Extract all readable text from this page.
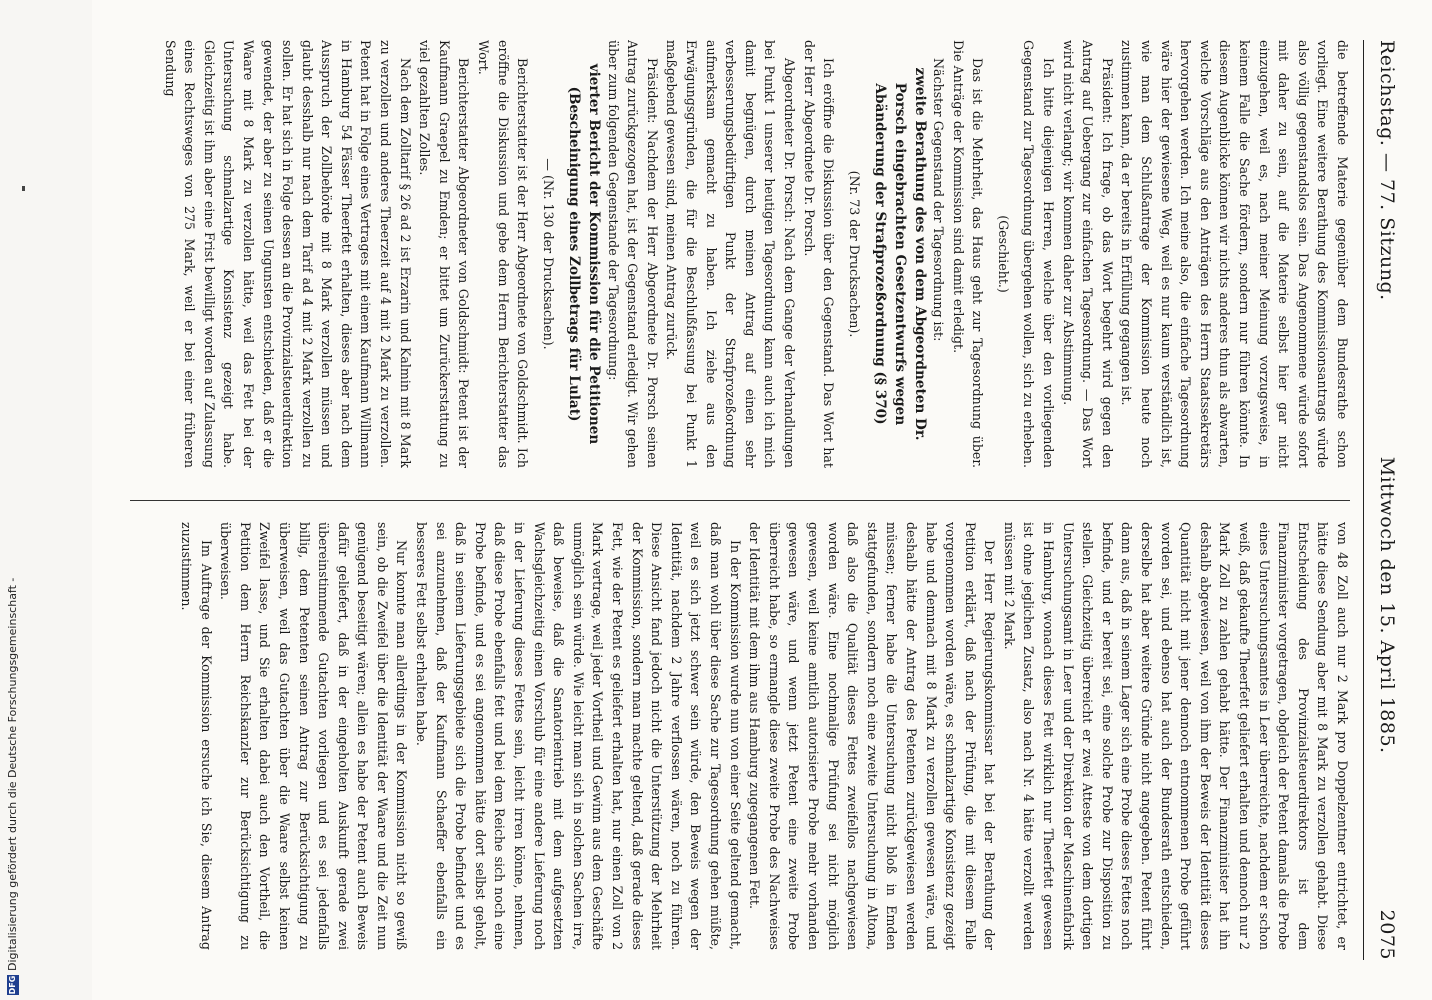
DFG
Digitalisierung gefördert durch die Deutsche Forschungsgemeinschaft -
Reichstag. — 77. Sitzung.
Mittwoch den 15. April 1885.
2075

die betreffende Materie gegenüber dem Bundesrathe schon vorliegt. Eine weitere Berathung des Kommissionsantrags würde also völlig gegenstandslos sein. Das Angenommene würde sofort mit daher zu sein, auf die Materie selbst hier gar nicht einzugehen, weil es, nach meiner Meinung vorzugsweise, in keinem Falle die Sache fördern, sondern nur führen könnte. In diesem Augenblicke können wir nichts anderes thun als abwarten, welche Vorschläge aus den Anträgen des Herrn Staatssekretärs hervorgehen werden. Ich meine also, die einfache Tagesordnung wäre hier der gewiesene Weg, weil es nur kaum verständlich ist, wie man dem Schlußantrage der Kommission heute noch zustimmen kann, da er bereits in Erfüllung gegangen ist.

Präsident: Ich frage, ob das Wort begehrt wird gegen den Antrag auf Uebergang zur einfachen Tagesordnung. — Das Wort wird nicht verlangt; wir kommen daher zur Abstimmung.

Ich bitte diejenigen Herren, welche über den vorliegenden Gegenstand zur Tagesordnung übergehen wollen, sich zu erheben.

(Geschieht.)

Das ist die Mehrheit, das Haus geht zur Tagesordnung über. Die Anträge der Kommission sind damit erledigt.

Nächster Gegenstand der Tagesordnung ist:

zweite Berathung des von dem Abgeordneten Dr. Porsch eingebrachten Gesetzentwurfs wegen Abänderung der Strafprozeßordnung (§ 370)

(Nr. 73 der Drucksachen).

Ich eröffne die Diskussion über den Gegenstand. Das Wort hat der Herr Abgeordnete Dr. Porsch.

Abgeordneter Dr. Porsch: Nach dem Gange der Verhandlungen bei Punkt 1 unserer heutigen Tagesordnung kann auch ich mich damit begnügen, durch meinen Antrag auf einen sehr verbesserungsbedürftigen Punkt der Strafprozeßordnung aufmerksam gemacht zu haben. Ich ziehe aus den Erwägungsgründen, die für die Beschlußfassung bei Punkt 1 maßgebend gewesen sind, meinen Antrag zurück.

Präsident: Nachdem der Herr Abgeordnete Dr. Porsch seinen Antrag zurückgezogen hat, ist der Gegenstand erledigt. Wir gehen über zum folgenden Gegenstande der Tagesordnung:

vierter Bericht der Kommission für die Petitionen (Bescheinigung eines Zollbetrags für Lulat)

— (Nr. 130 der Drucksachen).

Berichterstatter ist der Herr Abgeordnete von Goldschmidt. Ich eröffne die Diskussion und gebe dem Herrn Berichterstatter das Wort.

Berichterstatter Abgeordneter von Goldschmidt: Petent ist der Kaufmann Graepel zu Emden; er bittet um Zurückerstattung zu viel gezahlten Zolles.

Nach dem Zolltarif § 26 ad 2 ist Erzarin und Kalmin mit 8 Mark zu verzollen und anderes Theerzeit auf 4 mit 2 Mark zu verzollen. Petent hat in Folge eines Vertrages mit einem Kaufmann Willmann in Hamburg 54 Fässer Theerfett erhalten, dieses aber nach dem Ausspruch der Zollbehörde mit 8 Mark verzollen müssen und glaubt desshalb nur nach dem Tarif ad 4 mit 2 Mark verzollen zu sollen. Er hat sich in Folge dessen an die Provinzialsteuerdirektion gewendet, der aber zu seinen Ungunsten entschieden, daß er die Waare mit 8 Mark zu verzollen hätte, weil das Fett bei der Untersuchung schmalzartige Konsistenz gezeigt habe. Gleichzeitig ist ihm aber eine Frist bewilligt worden auf Zulassung eines Rechtsweges von 275 Mark, weil er bei einer früheren Sendung

von 48 Zoll auch nur 2 Mark pro Doppelzentner entrichtet, er hätte diese Sendung aber mit 8 Mark zu verzollen gehabt. Diese Entscheidung des Provinzialsteuerdirektors ist dem Finanzminister vorgetragen, obgleich der Petent damals die Probe eines Untersuchungsamtes in Leer überreichte, nachdem er schon weiß, daß gekaufte Theerfett geliefert erhalten und dennoch nur 2 Mark Zoll zu zahlen gehabt hätte. Der Finanzminister hat ihn deshalb abgewiesen, weil von ihm der Beweis der Identität dieses Quantität nicht mit jener dennoch entnommenen Probe geführt worden sei, und ebenso hat auch der Bundesrath entschieden, derselbe hat aber weitere Gründe nicht angegeben. Petent führt dann aus, daß in seinem Lager sich eine Probe dieses Fettes noch befinde, und er bereit sei, eine solche Probe zur Disposition zu stellen. Gleichzeitig überreicht er zwei Atteste von dem dortigen Untersuchungsamt in Leer und der Direktion der Maschinenfabrik in Hamburg, wonach dieses Fett wirklich nur Theerfett gewesen ist ohne jeglichen Zusatz, also nach Nr. 4 hätte verzollt werden müssen mit 2 Mark.

Der Herr Regierungskommissar hat bei der Berathung der Petition erklärt, daß nach der Prüfung, die mit diesem Falle vorgenommen worden wäre, es schmalzartige Konsistenz gezeigt habe und demnach mit 8 Mark zu verzollen gewesen wäre, und deshalb hätte der Antrag des Petenten zurückgewiesen werden müssen; ferner habe die Untersuchung nicht bloß in Emden stattgefunden, sondern noch eine zweite Untersuchung in Altona, daß also die Qualität dieses Fettes zweifellos nachgewiesen worden wäre. Eine nochmalige Prüfung sei nicht möglich gewesen, weil keine amtlich autorisierte Probe mehr vorhanden gewesen wäre, und wenn jetzt Petent eine zweite Probe überreicht habe, so ermangle diese zweite Probe des Nachweises der Identität mit dem ihm aus Hamburg zugegangenen Fett.

In der Kommission wurde nun von einer Seite geltend gemacht, daß man wohl über diese Sache zur Tagesordnung gehen müßte, weil es sich jetzt schwer sein würde, den Beweis wegen der Identität, nachdem 2 Jahre verflossen wären, noch zu führen. Diese Ansicht fand jedoch nicht die Unterstützung der Mehrheit der Kommission, sondern man machte geltend, daß gerade dieses Fett, wie der Petent es geliefert erhalten hat, nur einen Zoll von 2 Mark vertrage, weil jeder Vortheil und Gewinn aus dem Geschäfte unmöglich sein würde. Wie leicht man sich in solchen Sachen irre, daß beweise, daß die Sanatorientrieb mit dem aufgesetzten Wachsgleichzeitig einen Vorschub für eine andere Lieferung noch in der Lieferung dieses Fettes sein, leicht irren könne, nehmen, daß diese Probe ebenfalls fett und bei dem Reiche sich noch eine Probe befinde, und es sei angenommen hätte dort selbst geholt, daß in seinem Lieferungsgebiete sich die Probe befindet und es sei anzunehmen, daß der Kaufmann Schaeffer ebenfalls ein besseres Fett selbst erhalten habe.

Nur konnte man allerdings in der Kommission nicht so gewiß sein, ob die Zweifel über die Identität der Waare und die Zeit nun genügend beseitigt wären; allein es habe der Petent auch Beweis dafür geliefert, daß in der eingeholten Auskunft gerade zwei übereinstimmende Gutachten vorliegen und es sei jedenfalls billig, dem Petenten seinen Antrag zur Berücksichtigung zu überweisen, weil das Gutachten über die Waare selbst keinen Zweifel lasse, und Sie erhalten dabei auch den Vortheil, die Petition dem Herrn Reichskanzler zur Berücksichtigung zu überweisen.

Im Auftrage der Kommission ersuche ich Sie, diesem Antrag zuzustimmen.
